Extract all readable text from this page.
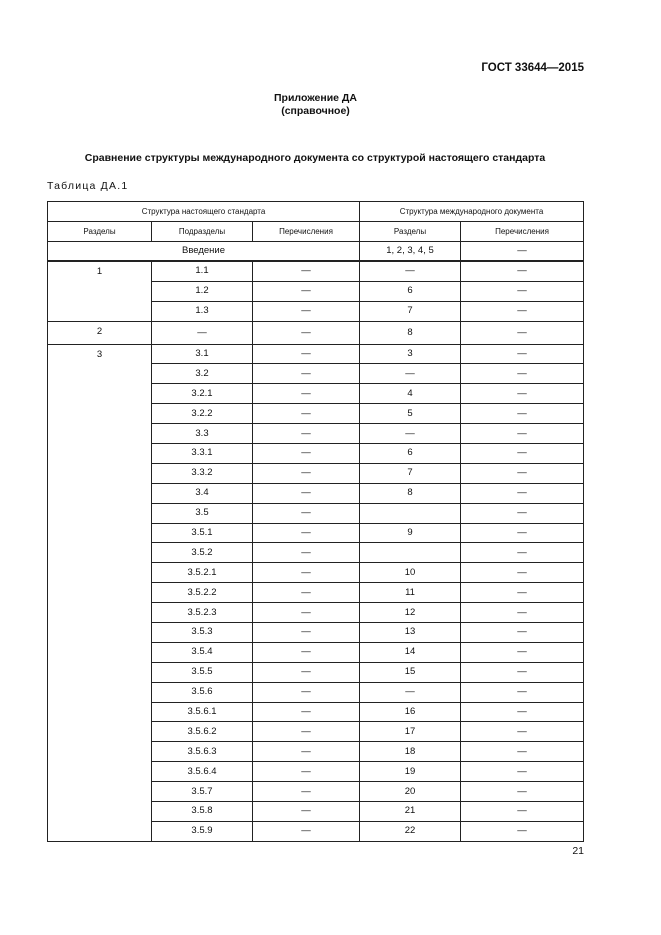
ГОСТ 33644—2015
Приложение ДА
(справочное)
Сравнение структуры международного документа со структурой настоящего стандарта
Таблица ДА.1
Структура настоящего стандарта			Структура международного документа	
Разделы	Подразделы	Перечисления	Разделы	Перечисления
Введение			1, 2, 3, 4, 5	—
1	1.1	—	—	—
	1.2	—	6	—
	1.3	—	7	—
2	—	—	8	—
3	3.1	—	3	—
	3.2	—	—	—
	3.2.1	—	4	—
	3.2.2	—	5	—
	3.3	—	—	—
	3.3.1	—	6	—
	3.3.2	—	7	—
	3.4	—	8	—
	3.5	—		—
	3.5.1	—	9	—
	3.5.2	—		—
	3.5.2.1	—	10	—
	3.5.2.2	—	11	—
	3.5.2.3	—	12	—
	3.5.3	—	13	—
	3.5.4	—	14	—
	3.5.5	—	15	—
	3.5.6	—	—	—
	3.5.6.1	—	16	—
	3.5.6.2	—	17	—
	3.5.6.3	—	18	—
	3.5.6.4	—	19	—
	3.5.7	—	20	—
	3.5.8	—	21	—
	3.5.9	—	22	—
21
